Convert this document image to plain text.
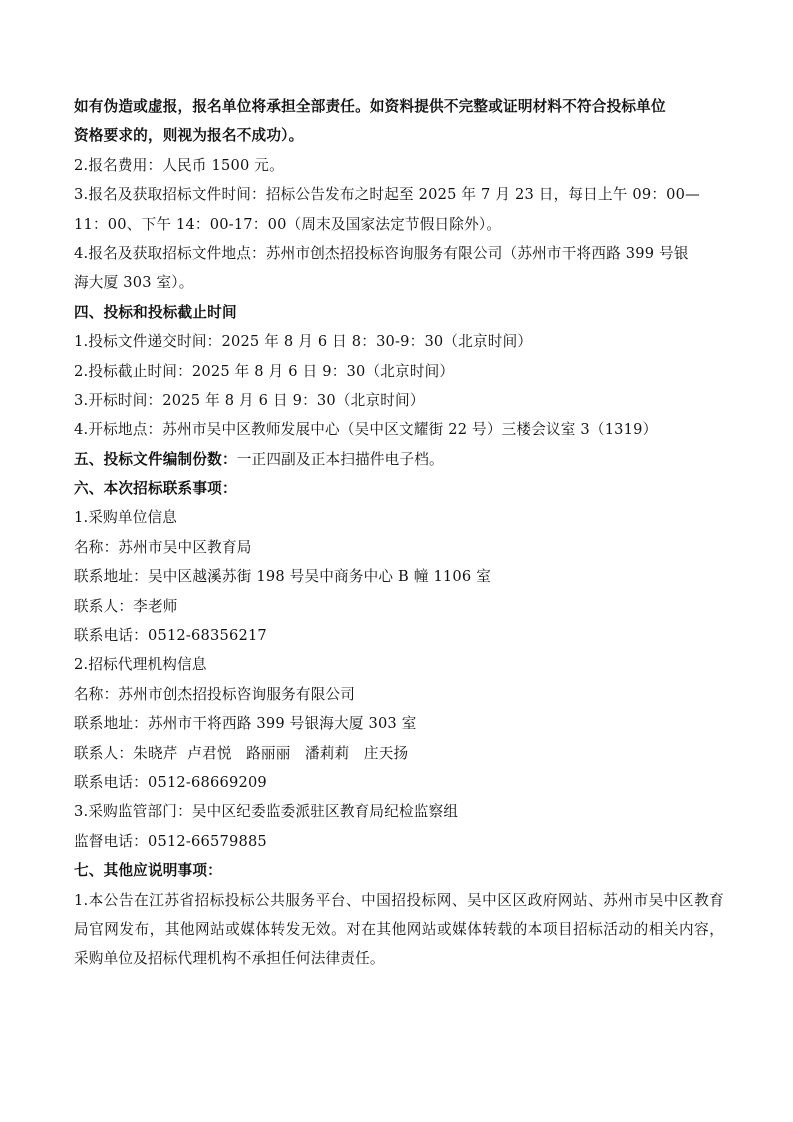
如有伪造或虚报，报名单位将承担全部责任。如资料提供不完整或证明材料不符合投标单位
资格要求的，则视为报名不成功）。
2.报名费用：人民币 1500 元。
3.报名及获取招标文件时间：招标公告发布之时起至 2025 年 7 月 23 日，每日上午 09：00—
11：00、下午 14：00-17：00（周末及国家法定节假日除外）。
4.报名及获取招标文件地点：苏州市创杰招投标咨询服务有限公司（苏州市干将西路 399 号银
海大厦 303 室）。
四、投标和投标截止时间
1.投标文件递交时间：2025 年 8 月 6 日 8：30-9：30（北京时间）
2.投标截止时间：2025 年 8 月 6 日 9：30（北京时间）
3.开标时间：2025 年 8 月 6 日 9：30（北京时间）
4.开标地点：苏州市吴中区教师发展中心（吴中区文耀街 22 号）三楼会议室 3（1319）
五、投标文件编制份数：一正四副及正本扫描件电子档。
六、本次招标联系事项：
1.采购单位信息
名称：苏州市吴中区教育局
联系地址：吴中区越溪苏街 198 号吴中商务中心 B 幢 1106 室
联系人：李老师
联系电话：0512-68356217
2.招标代理机构信息
名称：苏州市创杰招投标咨询服务有限公司
联系地址：苏州市干将西路 399 号银海大厦 303 室
联系人：朱晓芹  卢君悦   路丽丽   潘莉莉   庄天扬
联系电话：0512-68669209
3.采购监管部门：吴中区纪委监委派驻区教育局纪检监察组
监督电话：0512-66579885
七、其他应说明事项：
1.本公告在江苏省招标投标公共服务平台、中国招投标网、吴中区区政府网站、苏州市吴中区教育局官网发布，其他网站或媒体转发无效。对在其他网站或媒体转载的本项目招标活动的相关内容，采购单位及招标代理机构不承担任何法律责任。
